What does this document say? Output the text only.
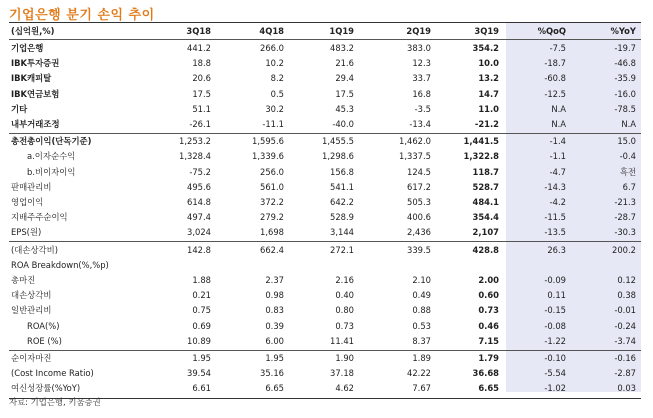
기업은행 분기 손익 추이
(십억원,%)	3Q18	4Q18	1Q19	2Q19	3Q19	%QoQ	%YoY
기업은행	441.2	266.0	483.2	383.0	354.2	-7.5	-19.7
IBK투자증권	18.8	10.2	21.6	12.3	10.0	-18.7	-46.8
IBK캐피탈	20.6	8.2	29.4	33.7	13.2	-60.8	-35.9
IBK연금보험	17.5	0.5	17.5	16.8	14.7	-12.5	-16.0
기타	51.1	30.2	45.3	-3.5	11.0	N.A	-78.5
내부거래조정	-26.1	-11.1	-40.0	-13.4	-21.2	N.A	N.A
총전총이익(단독기준)	1,253.2	1,595.6	1,455.5	1,462.0	1,441.5	-1.4	15.0
a.이자순수익	1,328.4	1,339.6	1,298.6	1,337.5	1,322.8	-1.1	-0.4
b.비이자이익	-75.2	256.0	156.8	124.5	118.7	-4.7	흑전
판매관리비	495.6	561.0	541.1	617.2	528.7	-14.3	6.7
영업이익	614.8	372.2	642.2	505.3	484.1	-4.2	-21.3
지배주주순이익	497.4	279.2	528.9	400.6	354.4	-11.5	-28.7
EPS(원)	3,024	1,698	3,144	2,436	2,107	-13.5	-30.3
(대손상각비)	142.8	662.4	272.1	339.5	428.8	26.3	200.2
ROA Breakdown(%,%p)
총마진	1.88	2.37	2.16	2.10	2.00	-0.09	0.12
대손상각비	0.21	0.98	0.40	0.49	0.60	0.11	0.38
일반관리비	0.75	0.83	0.80	0.88	0.73	-0.15	-0.01
ROA(%)	0.69	0.39	0.73	0.53	0.46	-0.08	-0.24
ROE (%)	10.89	6.00	11.41	8.37	7.15	-1.22	-3.74
순이자마진	1.95	1.95	1.90	1.89	1.79	-0.10	-0.16
(Cost Income Ratio)	39.54	35.16	37.18	42.22	36.68	-5.54	-2.87
여신성장률(%YoY)	6.61	6.65	4.62	7.67	6.65	-1.02	0.03
자료: 기업은행, 키움증권
